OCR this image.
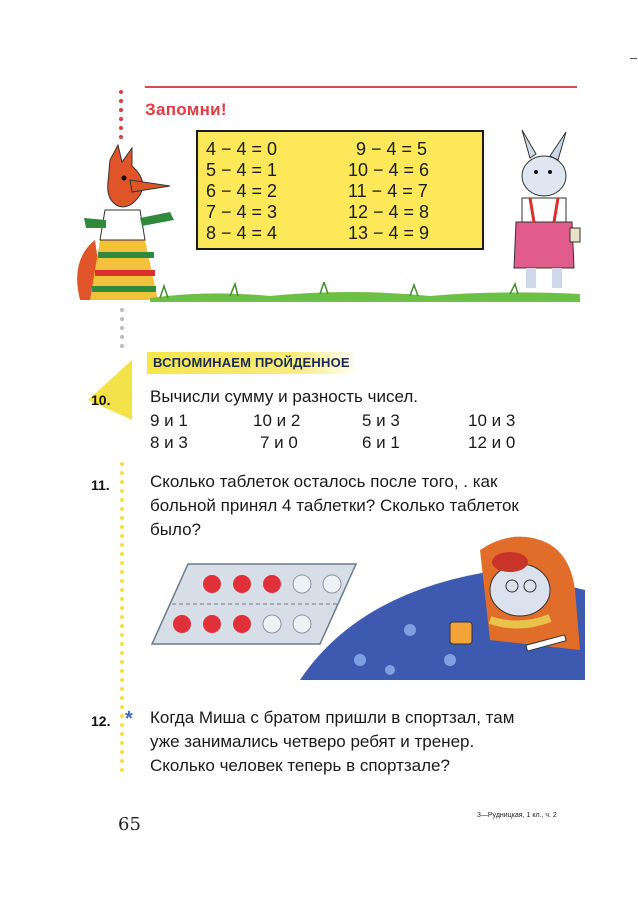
Запомни!
4 − 4 = 0
5 − 4 = 1
6 − 4 = 2
7 − 4 = 3
8 − 4 = 4
9 − 4 = 5
10 − 4 = 6
11 − 4 = 7
12 − 4 = 8
13 − 4 = 9
ВСПОМИНАЕМ ПРОЙДЕННОЕ
10. Вычисли сумму и разность чисел.
9 и 1	10 и 2	5 и 3	10 и 3
8 и 3	7 и 0	6 и 1	12 и 0
11. Сколько таблеток осталось после того, . как
больной принял 4 таблетки? Сколько таблеток
было?
12. * Когда Миша с братом пришли в спортзал, там
уже занимались четверо ребят и тренер.
Сколько человек теперь в спортзале?
65	3—Рудницкая, 1 кл., ч. 2
